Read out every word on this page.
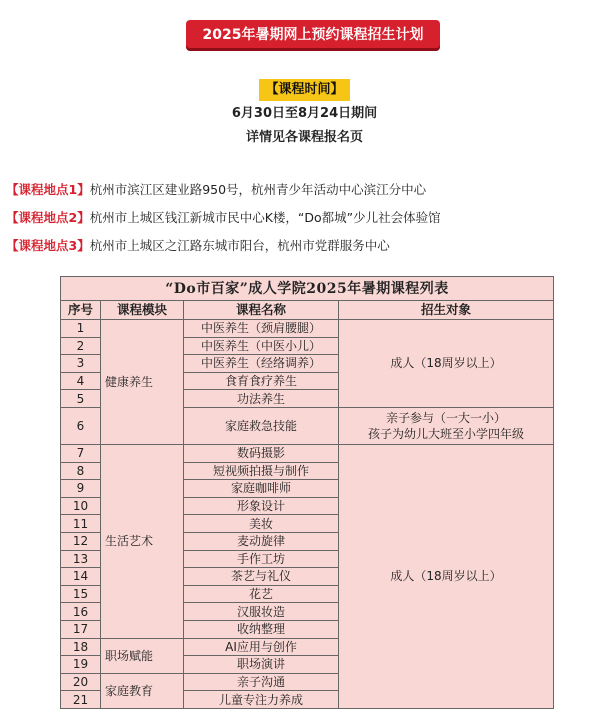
2025年暑期网上预约课程招生计划
【课程时间】
6月30日至8月24日期间
详情见各课程报名页
【课程地点1】杭州市滨江区建业路950号，杭州青少年活动中心滨江分中心
【课程地点2】杭州市上城区钱江新城市民中心K楼，“Do都城”少儿社会体验馆
【课程地点3】杭州市上城区之江路东城市阳台，杭州市党群服务中心
“Do市百家”成人学院2025年暑期课程列表			
序号	课程模块	课程名称	招生对象
1	健康养生	中医养生（颈肩腰腿）	成人（18周岁以上）
2		中医养生（中医小儿）	
3		中医养生（经络调养）	
4		食育食疗养生	
5		功法养生	
6		家庭救急技能	亲子参与（一大一小）
孩子为幼儿大班至小学四年级

7	生活艺术	数码摄影	成人（18周岁以上）
8		短视频拍摄与制作	
9		家庭咖啡师	
10		形象设计	
11		美妆	
12		麦动旋律	
13		手作工坊	
14		茶艺与礼仪	
15		花艺	
16		汉服妆造	
17		收纳整理	
18	职场赋能	AI应用与创作	
19		职场演讲	
20	家庭教育	亲子沟通	
21		儿童专注力养成	
